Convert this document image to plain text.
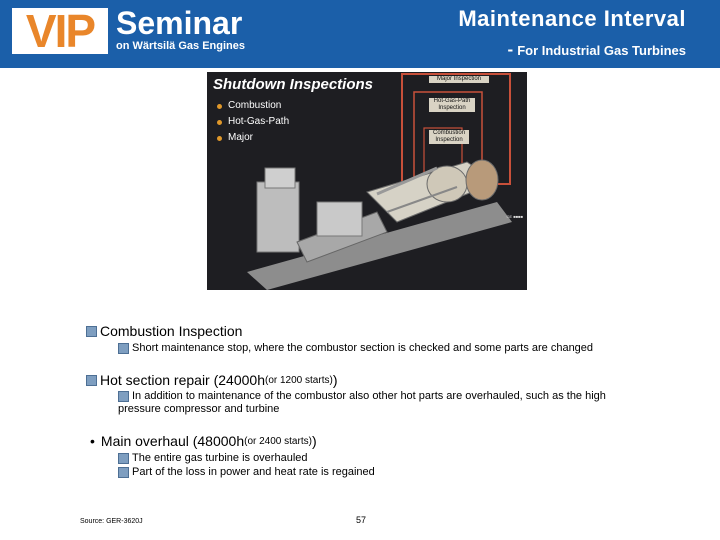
VIP Seminar
on Wärtsilä Gas Engines
Maintenance Interval
- For Industrial Gas Turbines
Shutdown Inspections
Combustion
Hot-Gas-Path
Major
Major Inspection
Hot-Gas-Path Inspection
Combustion Inspection
GE ■■■■
Combustion Inspection
Short maintenance stop, where the combustor section is checked and some parts are changed
Hot section repair (24000h (or 1200 starts) )
In addition to maintenance of the combustor also other hot parts are overhauled, such as the high pressure compressor and turbine
• Main overhaul (48000h (or 2400 starts) )
The entire gas turbine is overhauled
Part of the loss in power and heat rate is regained
Source: GER-3620J	57
